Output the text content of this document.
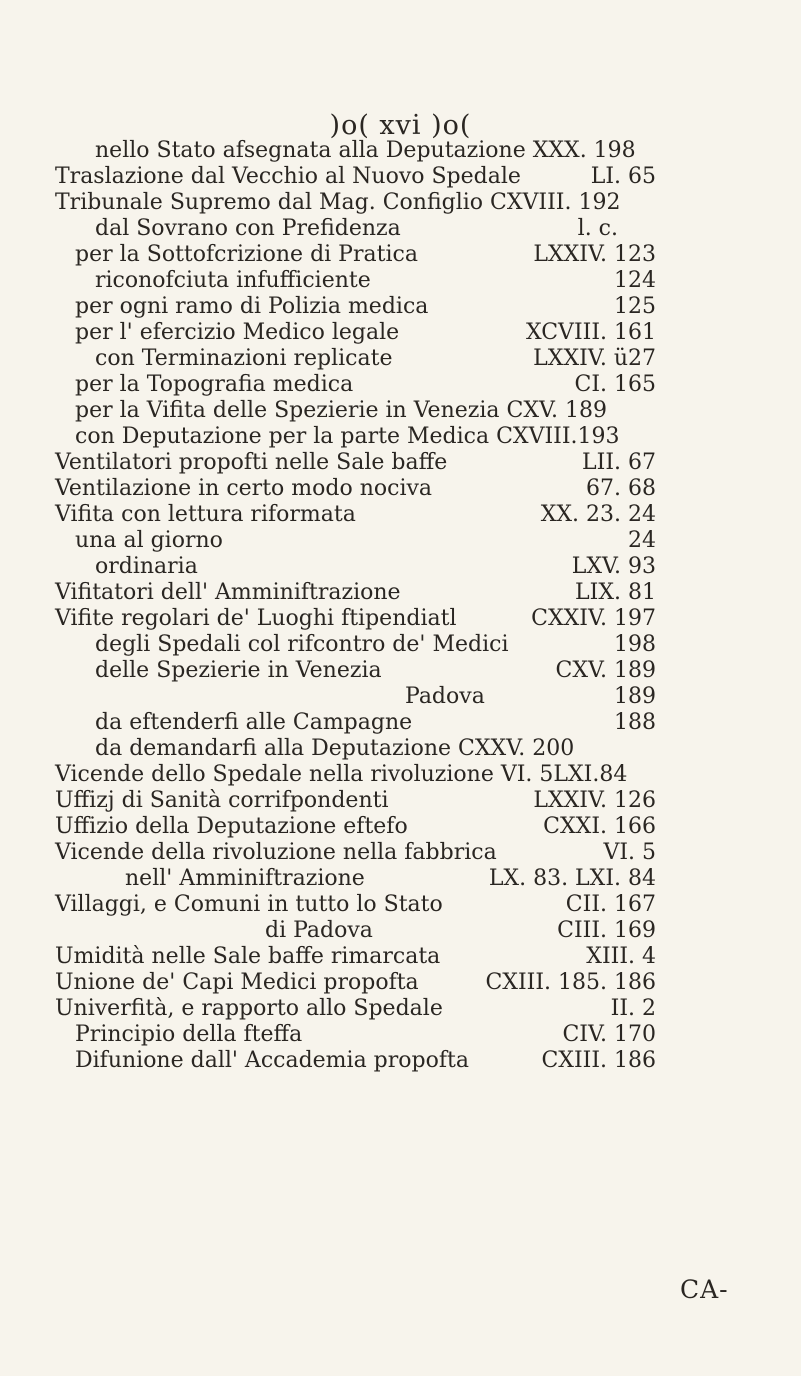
)o( xvi )o(
nello Stato afsegnata alla Deputazione XXX. 198
Traslazione dal Vecchio al Nuovo Spedale	LI. 65
Tribunale Supremo dal Mag. Configlio CXVIII. 192
dal Sovrano con Prefidenza	l. c.
per la Sottofcrizione di Pratica	LXXIV. 123
riconofciuta infufficiente	124
per ogni ramo di Polizia medica	125
per l' efercizio Medico legale	XCVIII. 161
con Terminazioni replicate	LXXIV. ü27
per la Topografia medica	CI. 165
per la Vifita delle Spezierie in Venezia CXV. 189
con Deputazione per la parte Medica CXVIII.193
Ventilatori propofti nelle Sale baffe	LII. 67
Ventilazione in certo modo nociva	67. 68
Vifita con lettura riformata	XX. 23. 24
una al giorno	24
ordinaria	LXV. 93
Vifitatori dell' Amminiftrazione	LIX. 81
Vifite regolari de' Luoghi ftipendiatl	CXXIV. 197
degli Spedali col rifcontro de' Medici	198
delle Spezierie in Venezia	CXV. 189
Padova	189
da eftenderfi alle Campagne	188
da demandarfi alla Deputazione CXXV. 200
Vicende dello Spedale nella rivoluzione VI. 5LXI.84
Uffizj di Sanità corrifpondenti	LXXIV. 126
Uffizio della Deputazione eftefo	CXXI. 166
Vicende della rivoluzione nella fabbrica	VI. 5
nell' Amminiftrazione	LX. 83. LXI. 84
Villaggi, e Comuni in tutto lo Stato	CII. 167
di Padova	CIII. 169
Umidità nelle Sale baffe rimarcata	XIII. 4
Unione de' Capi Medici propofta	CXIII. 185. 186
Univerfità, e rapporto allo Spedale	II. 2
Principio della fteffa	CIV. 170
Difunione dall' Accademia propofta	CXIII. 186
CA-
